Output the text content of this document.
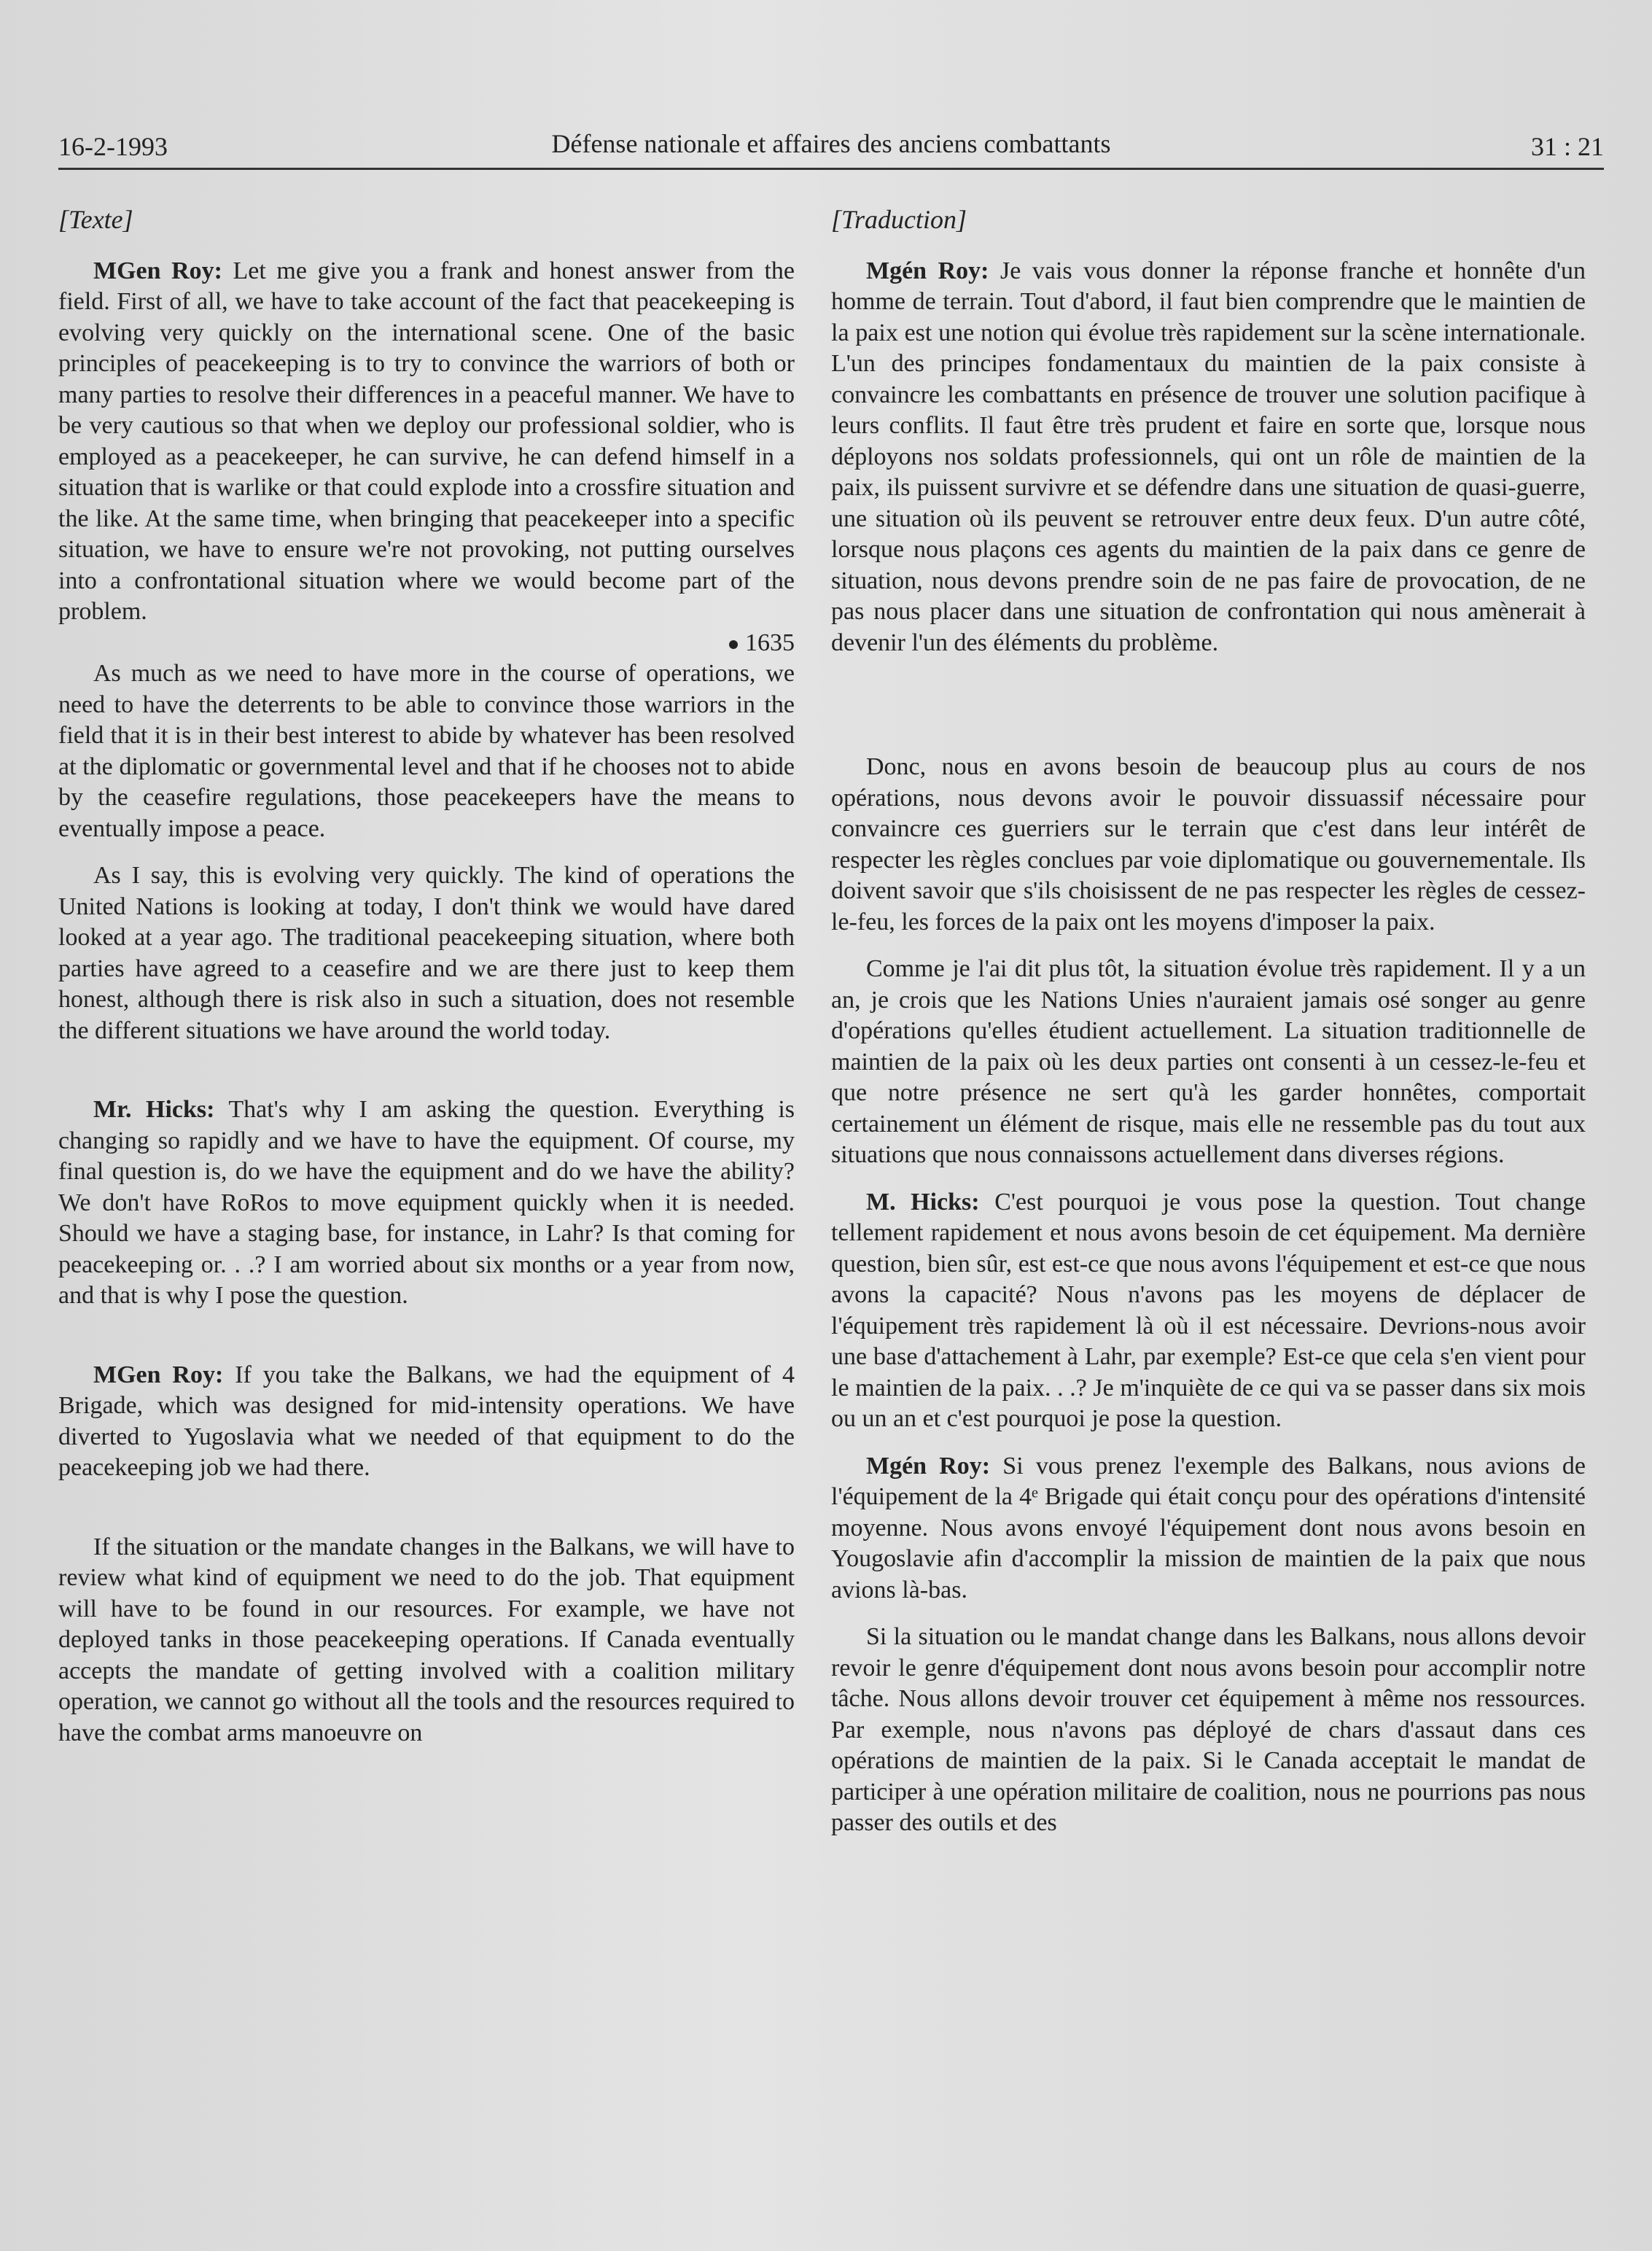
16-2-1993	Défense nationale et affaires des anciens combattants	31 : 21

[Texte]

MGen Roy: Let me give you a frank and honest answer from the field. First of all, we have to take account of the fact that peacekeeping is evolving very quickly on the international scene. One of the basic principles of peacekeeping is to try to convince the warriors of both or many parties to resolve their differences in a peaceful manner. We have to be very cautious so that when we deploy our professional soldier, who is employed as a peacekeeper, he can survive, he can defend himself in a situation that is warlike or that could explode into a crossfire situation and the like. At the same time, when bringing that peacekeeper into a specific situation, we have to ensure we're not provoking, not putting ourselves into a confrontational situation where we would become part of the problem.

1635

As much as we need to have more in the course of operations, we need to have the deterrents to be able to convince those warriors in the field that it is in their best interest to abide by whatever has been resolved at the diplomatic or governmental level and that if he chooses not to abide by the ceasefire regulations, those peacekeepers have the means to eventually impose a peace.

As I say, this is evolving very quickly. The kind of operations the United Nations is looking at today, I don't think we would have dared looked at a year ago. The traditional peacekeeping situation, where both parties have agreed to a ceasefire and we are there just to keep them honest, although there is risk also in such a situation, does not resemble the different situations we have around the world today.

Mr. Hicks: That's why I am asking the question. Everything is changing so rapidly and we have to have the equipment. Of course, my final question is, do we have the equipment and do we have the ability? We don't have RoRos to move equipment quickly when it is needed. Should we have a staging base, for instance, in Lahr? Is that coming for peacekeeping or. . .? I am worried about six months or a year from now, and that is why I pose the question.

MGen Roy: If you take the Balkans, we had the equipment of 4 Brigade, which was designed for mid-intensity operations. We have diverted to Yugoslavia what we needed of that equipment to do the peacekeeping job we had there.

If the situation or the mandate changes in the Balkans, we will have to review what kind of equipment we need to do the job. That equipment will have to be found in our resources. For example, we have not deployed tanks in those peacekeeping operations. If Canada eventually accepts the mandate of getting involved with a coalition military operation, we cannot go without all the tools and the resources required to have the combat arms manoeuvre on

[Traduction]

Mgén Roy: Je vais vous donner la réponse franche et honnête d'un homme de terrain. Tout d'abord, il faut bien comprendre que le maintien de la paix est une notion qui évolue très rapidement sur la scène internationale. L'un des principes fondamentaux du maintien de la paix consiste à convaincre les combattants en présence de trouver une solution pacifique à leurs conflits. Il faut être très prudent et faire en sorte que, lorsque nous déployons nos soldats professionnels, qui ont un rôle de maintien de la paix, ils puissent survivre et se défendre dans une situation de quasi-guerre, une situation où ils peuvent se retrouver entre deux feux. D'un autre côté, lorsque nous plaçons ces agents du maintien de la paix dans ce genre de situation, nous devons prendre soin de ne pas faire de provocation, de ne pas nous placer dans une situation de confrontation qui nous amènerait à devenir l'un des éléments du problème.

Donc, nous en avons besoin de beaucoup plus au cours de nos opérations, nous devons avoir le pouvoir dissuassif nécessaire pour convaincre ces guerriers sur le terrain que c'est dans leur intérêt de respecter les règles conclues par voie diplomatique ou gouvernementale. Ils doivent savoir que s'ils choisissent de ne pas respecter les règles de cessez-le-feu, les forces de la paix ont les moyens d'imposer la paix.

Comme je l'ai dit plus tôt, la situation évolue très rapidement. Il y a un an, je crois que les Nations Unies n'auraient jamais osé songer au genre d'opérations qu'elles étudient actuellement. La situation traditionnelle de maintien de la paix où les deux parties ont consenti à un cessez-le-feu et que notre présence ne sert qu'à les garder honnêtes, comportait certainement un élément de risque, mais elle ne ressemble pas du tout aux situations que nous connaissons actuellement dans diverses régions.

M. Hicks: C'est pourquoi je vous pose la question. Tout change tellement rapidement et nous avons besoin de cet équipement. Ma dernière question, bien sûr, est est-ce que nous avons l'équipement et est-ce que nous avons la capacité? Nous n'avons pas les moyens de déplacer de l'équipement très rapidement là où il est nécessaire. Devrions-nous avoir une base d'attachement à Lahr, par exemple? Est-ce que cela s'en vient pour le maintien de la paix. . .? Je m'inquiète de ce qui va se passer dans six mois ou un an et c'est pourquoi je pose la question.

Mgén Roy: Si vous prenez l'exemple des Balkans, nous avions de l'équipement de la 4ᵉ Brigade qui était conçu pour des opérations d'intensité moyenne. Nous avons envoyé l'équipement dont nous avons besoin en Yougoslavie afin d'accomplir la mission de maintien de la paix que nous avions là-bas.

Si la situation ou le mandat change dans les Balkans, nous allons devoir revoir le genre d'équipement dont nous avons besoin pour accomplir notre tâche. Nous allons devoir trouver cet équipement à même nos ressources. Par exemple, nous n'avons pas déployé de chars d'assaut dans ces opérations de maintien de la paix. Si le Canada acceptait le mandat de participer à une opération militaire de coalition, nous ne pourrions pas nous passer des outils et des
